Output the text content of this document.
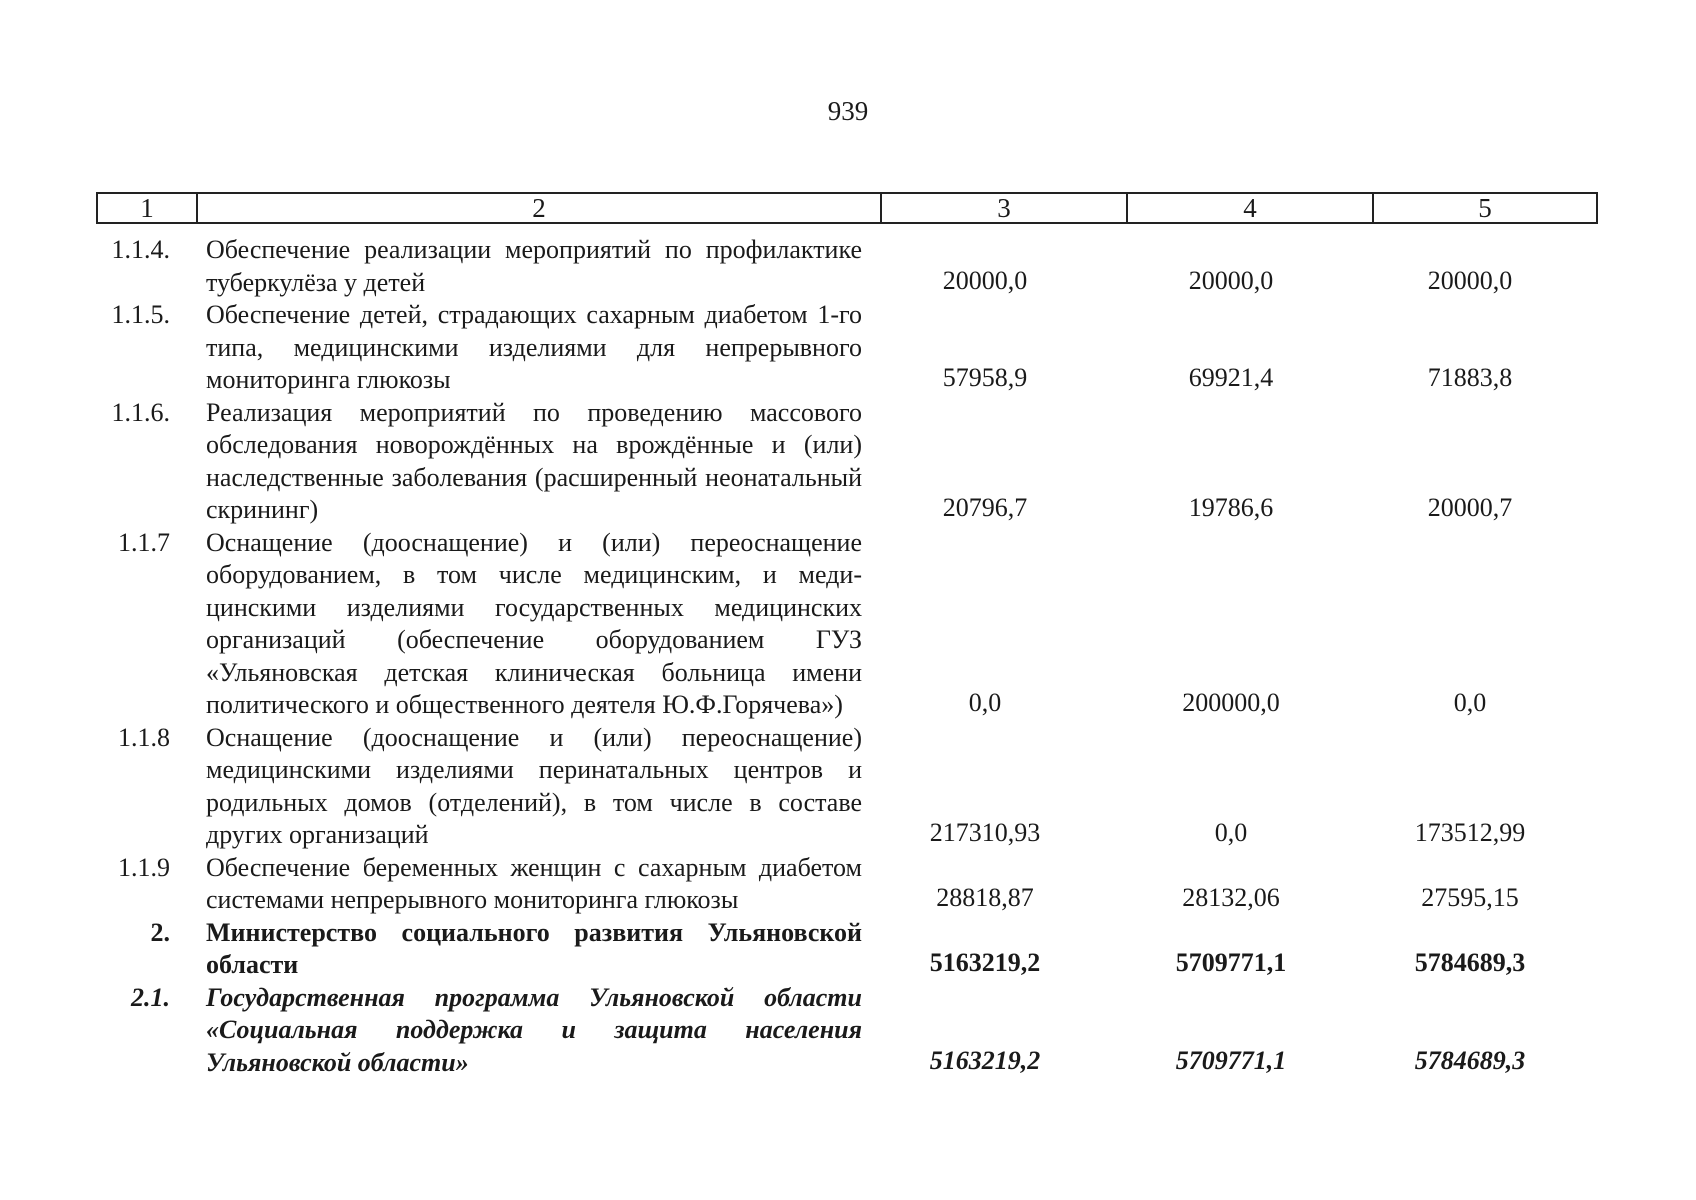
939
1	2	3	4	5
1.1.4.	Обеспечение реализации мероприятий по профилактике туберкулёза у детей	20000,0	20000,0	20000,0
1.1.5.	Обеспечение детей, страдающих сахарным диабетом 1-го типа, медицинскими изделиями для непрерывного мониторинга глюкозы	57958,9	69921,4	71883,8
1.1.6.	Реализация мероприятий по проведению массового обследования новорождённых на врождённые и (или) наследственные заболевания (расширенный неонатальный скрининг)	20796,7	19786,6	20000,7
1.1.7	Оснащение (дооснащение) и (или) переоснащение оборудованием, в том числе медицинским, и медицинскими изделиями государственных медицинских организаций (обеспечение оборудованием ГУЗ «Ульяновская детская клиническая больница имени политического и общественного деятеля Ю.Ф.Горячева»)	0,0	200000,0	0,0
1.1.8	Оснащение (дооснащение и (или) переоснащение) медицинскими изделиями перинатальных центров и родильных домов (отделений), в том числе в составе других организаций	217310,93	0,0	173512,99
1.1.9	Обеспечение беременных женщин с сахарным диабетом системами непрерывного мониторинга глюкозы	28818,87	28132,06	27595,15
2.	Министерство социального развития Ульяновской области	5163219,2	5709771,1	5784689,3
2.1.	Государственная программа Ульяновской области «Социальная поддержка и защита населения Ульяновской области»	5163219,2	5709771,1	5784689,3
